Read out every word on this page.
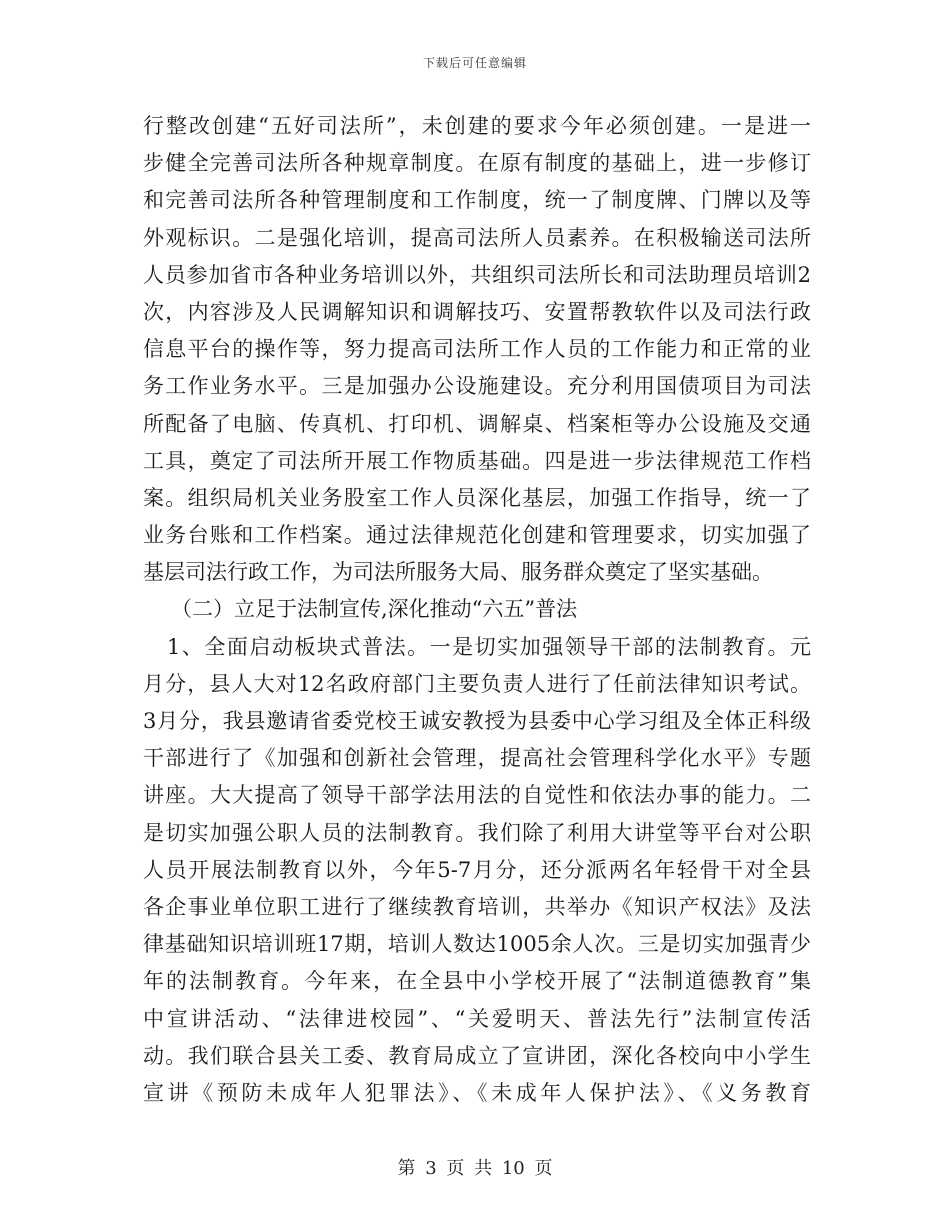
下载后可任意编辑
行整改创建“五好司法所”，未创建的要求今年必须创建。一是进一
步健全完善司法所各种规章制度。在原有制度的基础上，进一步修订
和完善司法所各种管理制度和工作制度，统一了制度牌、门牌以及等
外观标识。二是强化培训，提高司法所人员素养。在积极输送司法所
人员参加省市各种业务培训以外，共组织司法所长和司法助理员培训2
次，内容涉及人民调解知识和调解技巧、安置帮教软件以及司法行政
信息平台的操作等，努力提高司法所工作人员的工作能力和正常的业
务工作业务水平。三是加强办公设施建设。充分利用国债项目为司法
所配备了电脑、传真机、打印机、调解桌、档案柜等办公设施及交通
工具，奠定了司法所开展工作物质基础。四是进一步法律规范工作档
案。组织局机关业务股室工作人员深化基层，加强工作指导，统一了
业务台账和工作档案。通过法律规范化创建和管理要求，切实加强了
基层司法行政工作，为司法所服务大局、服务群众奠定了坚实基础。
（二）立足于法制宣传,深化推动“六五”普法
1、全面启动板块式普法。一是切实加强领导干部的法制教育。元
月分，县人大对12名政府部门主要负责人进行了任前法律知识考试。
3月分，我县邀请省委党校王诚安教授为县委中心学习组及全体正科级
干部进行了《加强和创新社会管理，提高社会管理科学化水平》专题
讲座。大大提高了领导干部学法用法的自觉性和依法办事的能力。二
是切实加强公职人员的法制教育。我们除了利用大讲堂等平台对公职
人员开展法制教育以外，今年5-7月分，还分派两名年轻骨干对全县
各企事业单位职工进行了继续教育培训，共举办《知识产权法》及法
律基础知识培训班17期，培训人数达1005余人次。三是切实加强青少
年的法制教育。今年来，在全县中小学校开展了“法制道德教育”集
中宣讲活动、“法律进校园”、“关爱明天、普法先行”法制宣传活
动。我们联合县关工委、教育局成立了宣讲团，深化各校向中小学生
宣讲《预防未成年人犯罪法》、《未成年人保护法》、《义务教育
第 3 页 共 10 页
